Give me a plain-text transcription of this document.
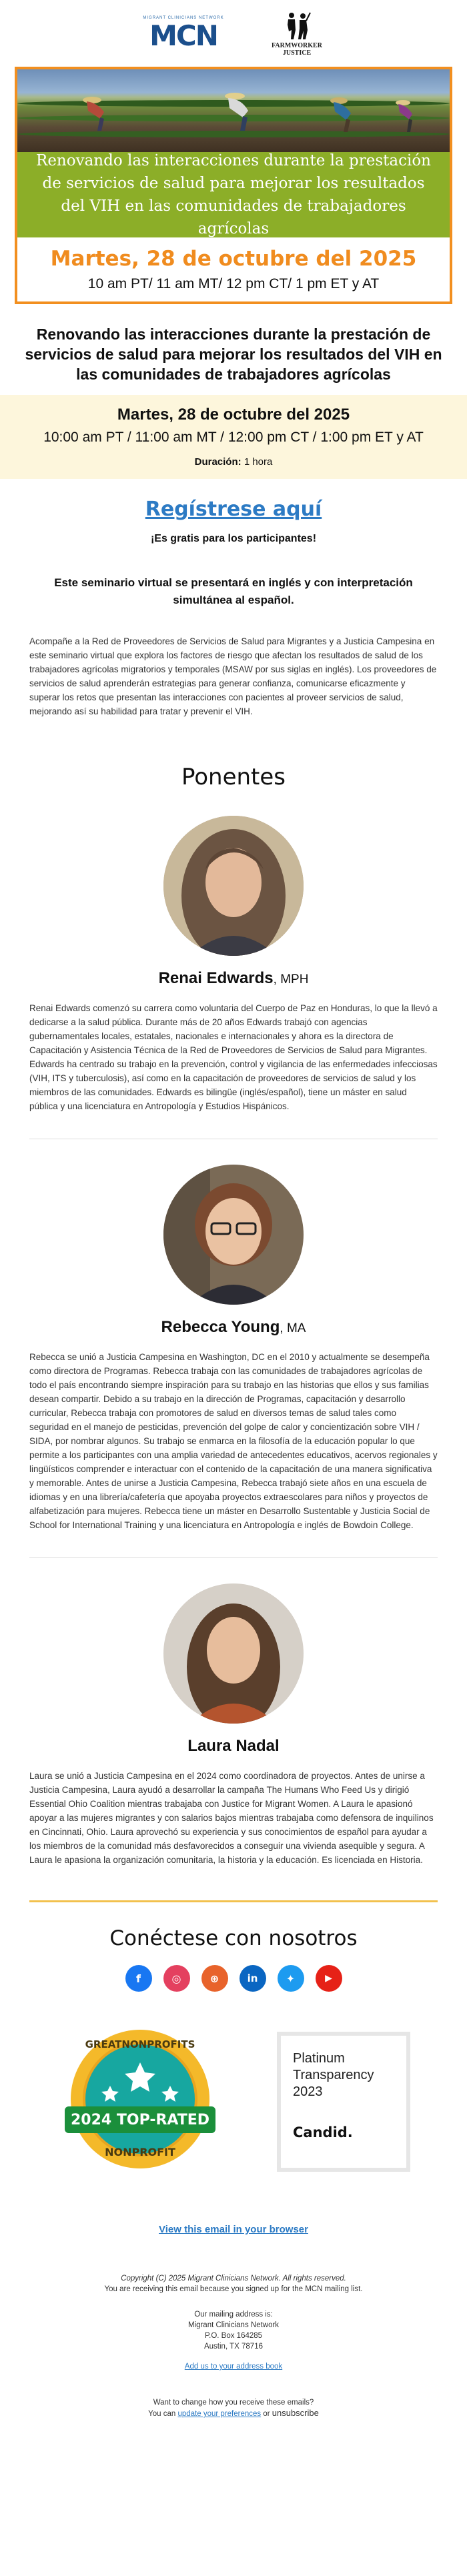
MIGRANT CLINICIANS NETWORK
MCN	FARMWORKER
JUSTICE
Renovando las interacciones durante la prestación de servicios de salud para mejorar los resultados del VIH en las comunidades de trabajadores agrícolas
Martes, 28 de octubre del 2025
10 am PT/ 11 am MT/ 12 pm CT/ 1 pm ET y AT
Renovando las interacciones durante la prestación de servicios de salud para mejorar los resultados del VIH en las comunidades de trabajadores agrícolas
Martes, 28 de octubre del 2025
10:00 am PT / 11:00 am MT / 12:00 pm CT / 1:00 pm ET y AT
Duración: 1 hora
Regístrese aquí
¡Es gratis para los participantes!
Este seminario virtual se presentará en inglés y con interpretación simultánea al español.
Acompañe a la Red de Proveedores de Servicios de Salud para Migrantes y a Justicia Campesina en este seminario virtual que explora los factores de riesgo que afectan los resultados de salud de los trabajadores agrícolas migratorios y temporales (MSAW por sus siglas en inglés). Los proveedores de servicios de salud aprenderán estrategias para generar confianza, comunicarse eficazmente y superar los retos que presentan las interacciones con pacientes al proveer servicios de salud, mejorando así su habilidad para tratar y prevenir el VIH.
Ponentes
Renai Edwards, MPH
Renai Edwards comenzó su carrera como voluntaria del Cuerpo de Paz en Honduras, lo que la llevó a dedicarse a la salud pública. Durante más de 20 años Edwards trabajó con agencias gubernamentales locales, estatales, nacionales e internacionales y ahora es la directora de Capacitación y Asistencia Técnica de la Red de Proveedores de Servicios de Salud para Migrantes. Edwards ha centrado su trabajo en la prevención, control y vigilancia de las enfermedades infecciosas (VIH, ITS y tuberculosis), así como en la capacitación de proveedores de servicios de salud y los miembros de las comunidades. Edwards es bilingüe (inglés/español), tiene un máster en salud pública y una licenciatura en Antropología y Estudios Hispánicos.
Rebecca Young, MA
Rebecca se unió a Justicia Campesina en Washington, DC en el 2010 y actualmente se desempeña como directora de Programas. Rebecca trabaja con las comunidades de trabajadores agrícolas de todo el país encontrando siempre inspiración para su trabajo en las historias que ellos y sus familias desean compartir. Debido a su trabajo en la dirección de Programas, capacitación y desarrollo curricular, Rebecca trabaja con promotores de salud en diversos temas de salud tales como seguridad en el manejo de pesticidas, prevención del golpe de calor y concientización sobre VIH / SIDA, por nombrar algunos. Su trabajo se enmarca en la filosofía de la educación popular lo que permite a los participantes con una amplia variedad de antecedentes educativos, acervos regionales y lingüísticos comprender e interactuar con el contenido de la capacitación de una manera significativa y memorable. Antes de unirse a Justicia Campesina, Rebecca trabajó siete años en una escuela de idiomas y en una librería/cafetería que apoyaba proyectos extraescolares para niños y proyectos de alfabetización para mujeres. Rebecca tiene un máster en Desarrollo Sustentable y Justicia Social de School for International Training y una licenciatura en Antropología e inglés de Bowdoin College.
Laura Nadal
Laura se unió a Justicia Campesina en el 2024 como coordinadora de proyectos. Antes de unirse a Justicia Campesina, Laura ayudó a desarrollar la campaña The Humans Who Feed Us y dirigió Essential Ohio Coalition mientras trabajaba con Justice for Migrant Women. A Laura le apasionó apoyar a las mujeres migrantes y con salarios bajos mientras trabajaba como defensora de inquilinos en Cincinnati, Ohio. Laura aprovechó su experiencia y sus conocimientos de español para ayudar a los miembros de la comunidad más desfavorecidos a conseguir una vivienda asequible y segura. A Laura le apasiona la organización comunitaria, la historia y la educación. Es licenciada en Historia.
Conéctese con nosotros
f	◎	⊕	in	✦	▶
2024 TOP-RATED
GREATNONPROFITS
NONPROFIT
Platinum
Transparency
2023
Candid.
View this email in your browser
Copyright (C) 2025 Migrant Clinicians Network. All rights reserved.
You are receiving this email because you signed up for the MCN mailing list.
Our mailing address is:
Migrant Clinicians Network
P.O. Box 164285
Austin, TX 78716
Add us to your address book
Want to change how you receive these emails?
You can update your preferences or unsubscribe
